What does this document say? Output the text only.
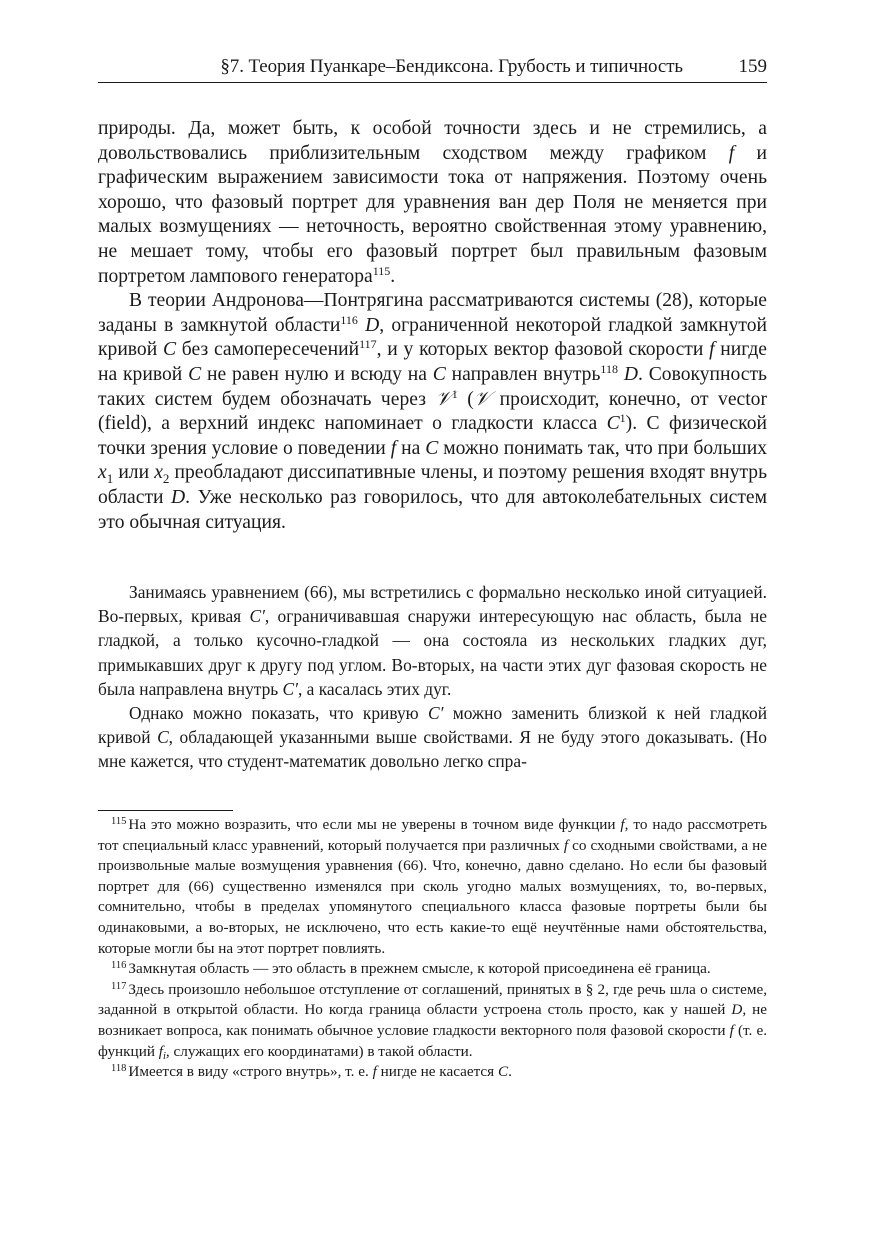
§7. Теория Пуанкаре–Бендиксона. Грубость и типичность	159

природы. Да, может быть, к особой точности здесь и не стремились, а довольствовались приблизительным сходством между графиком f и графическим выражением зависимости тока от напряжения. Поэтому очень хорошо, что фазовый портрет для уравнения ван дер Поля не меняется при малых возмущениях — неточность, вероятно свойственная этому уравнению, не мешает тому, чтобы его фазовый портрет был правильным фазовым портретом лампового генератора$^{115}$.

В теории Андронова—Понтрягина рассматриваются системы (28), которые заданы в замкнутой области$^{116}$ D, ограниченной некоторой гладкой замкнутой кривой C без самопересечений$^{117}$, и у которых вектор фазовой скорости f нигде на кривой C не равен нулю и всюду на C направлен внутрь$^{118}$ D. Совокупность таких систем будем обозначать через 𝒱$^1$ (𝒱 происходит, конечно, от vector (field), а верхний индекс напоминает о гладкости класса $C^1$). С физической точки зрения условие о поведении f на C можно понимать так, что при больших $x_1$ или $x_2$ преобладают диссипативные члены, и поэтому решения входят внутрь области D. Уже несколько раз говорилось, что для автоколебательных систем это обычная ситуация.

Занимаясь уравнением (66), мы встретились с формально несколько иной ситуацией. Во-первых, кривая C′, ограничивавшая снаружи интересующую нас область, была не гладкой, а только кусочно-гладкой — она состояла из нескольких гладких дуг, примыкавших друг к другу под углом. Во-вторых, на части этих дуг фазовая скорость не была направлена внутрь C′, а касалась этих дуг.

Однако можно показать, что кривую C′ можно заменить близкой к ней гладкой кривой C, обладающей указанными выше свойствами. Я не буду этого доказывать. (Но мне кажется, что студент-математик довольно легко спра-

$^{115}$ На это можно возразить, что если мы не уверены в точном виде функции f, то надо рассмотреть тот специальный класс уравнений, который получается при различных f со сходными свойствами, а не произвольные малые возмущения уравнения (66). Что, конечно, давно сделано. Но если бы фазовый портрет для (66) существенно изменялся при сколь угодно малых возмущениях, то, во-первых, сомнительно, чтобы в пределах упомянутого специального класса фазовые портреты были бы одинаковыми, а во-вторых, не исключено, что есть какие-то ещё неучтённые нами обстоятельства, которые могли бы на этот портрет повлиять.

$^{116}$ Замкнутая область — это область в прежнем смысле, к которой присоединена её граница.

$^{117}$ Здесь произошло небольшое отступление от соглашений, принятых в § 2, где речь шла о системе, заданной в открытой области. Но когда граница области устроена столь просто, как у нашей D, не возникает вопроса, как понимать обычное условие гладкости векторного поля фазовой скорости f (т. е. функций fi, служащих его координатами) в такой области.

$^{118}$ Имеется в виду «строго внутрь», т. е. f нигде не касается C.
